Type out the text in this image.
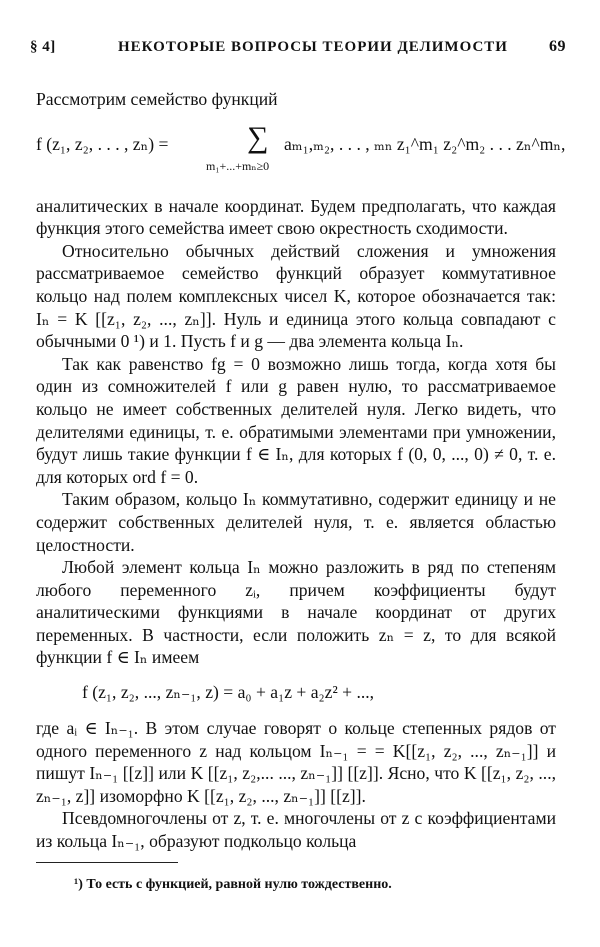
§ 4]	НЕКОТОРЫЕ ВОПРОСЫ ТЕОРИИ ДЕЛИМОСТИ	69

Рассмотрим семейство функций

f (z₁, z₂, . . . , zₙ) =	∑
m₁+...+mₙ≥0
aₘ₁,ₘ₂, . . . , ₘₙ z₁^m₁ z₂^m₂ . . . zₙ^mₙ,

аналитических в начале координат. Будем предполагать, что каждая функция этого семейства имеет свою окрестность сходимости.

Относительно обычных действий сложения и умножения рассматриваемое семейство функций образует коммутативное кольцо над полем комплексных чисел K, которое обозначается так: Iₙ = K [[z₁, z₂, ..., zₙ]]. Нуль и единица этого кольца совпадают с обычными 0 ¹) и 1. Пусть f и g — два элемента кольца Iₙ.

Так как равенство fg = 0 возможно лишь тогда, когда хотя бы один из сомножителей f или g равен нулю, то рассматриваемое кольцо не имеет собственных делителей нуля. Легко видеть, что делителями единицы, т. е. обратимыми элементами при умножении, будут лишь такие функции f ∈ Iₙ, для которых f (0, 0, ..., 0) ≠ 0, т. е. для которых ord f = 0.

Таким образом, кольцо Iₙ коммутативно, содержит единицу и не содержит собственных делителей нуля, т. е. является областью целостности.

Любой элемент кольца Iₙ можно разложить в ряд по степеням любого переменного zᵢ, причем коэффициенты будут аналитическими функциями в начале координат от других переменных. В частности, если положить zₙ = z, то для всякой функции f ∈ Iₙ имеем

f (z₁, z₂, ..., zₙ₋₁, z) = a₀ + a₁z + a₂z² + ...,

где aᵢ ∈ Iₙ₋₁. В этом случае говорят о кольце степенных рядов от одного переменного z над кольцом Iₙ₋₁ = = K[[z₁, z₂, ..., zₙ₋₁]] и пишут Iₙ₋₁ [[z]] или K [[z₁, z₂,... ..., zₙ₋₁]] [[z]]. Ясно, что K [[z₁, z₂, ..., zₙ₋₁, z]] изоморфно K [[z₁, z₂, ..., zₙ₋₁]] [[z]].

Псевдомногочлены от z, т. е. многочлены от z с коэффициентами из кольца Iₙ₋₁, образуют подкольцо кольца

¹) То есть с функцией, равной нулю тождественно.
